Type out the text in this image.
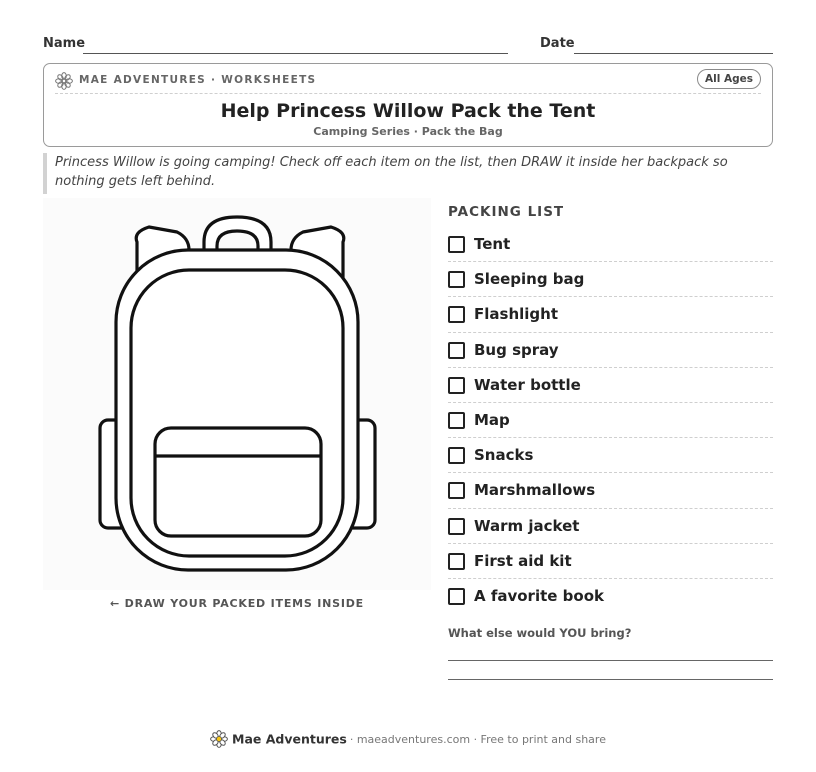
Name	Date
MAE ADVENTURES · WORKSHEETS	All Ages
Help Princess Willow Pack the Tent
Camping Series · Pack the Bag
Princess Willow is going camping! Check off each item on the list, then DRAW it inside her backpack so nothing gets left behind.
← DRAW YOUR PACKED ITEMS INSIDE
PACKING LIST
Tent
Sleeping bag
Flashlight
Bug spray
Water bottle
Map
Snacks
Marshmallows
Warm jacket
First aid kit
A favorite book
What else would YOU bring?
Mae Adventures · maeadventures.com · Free to print and share
